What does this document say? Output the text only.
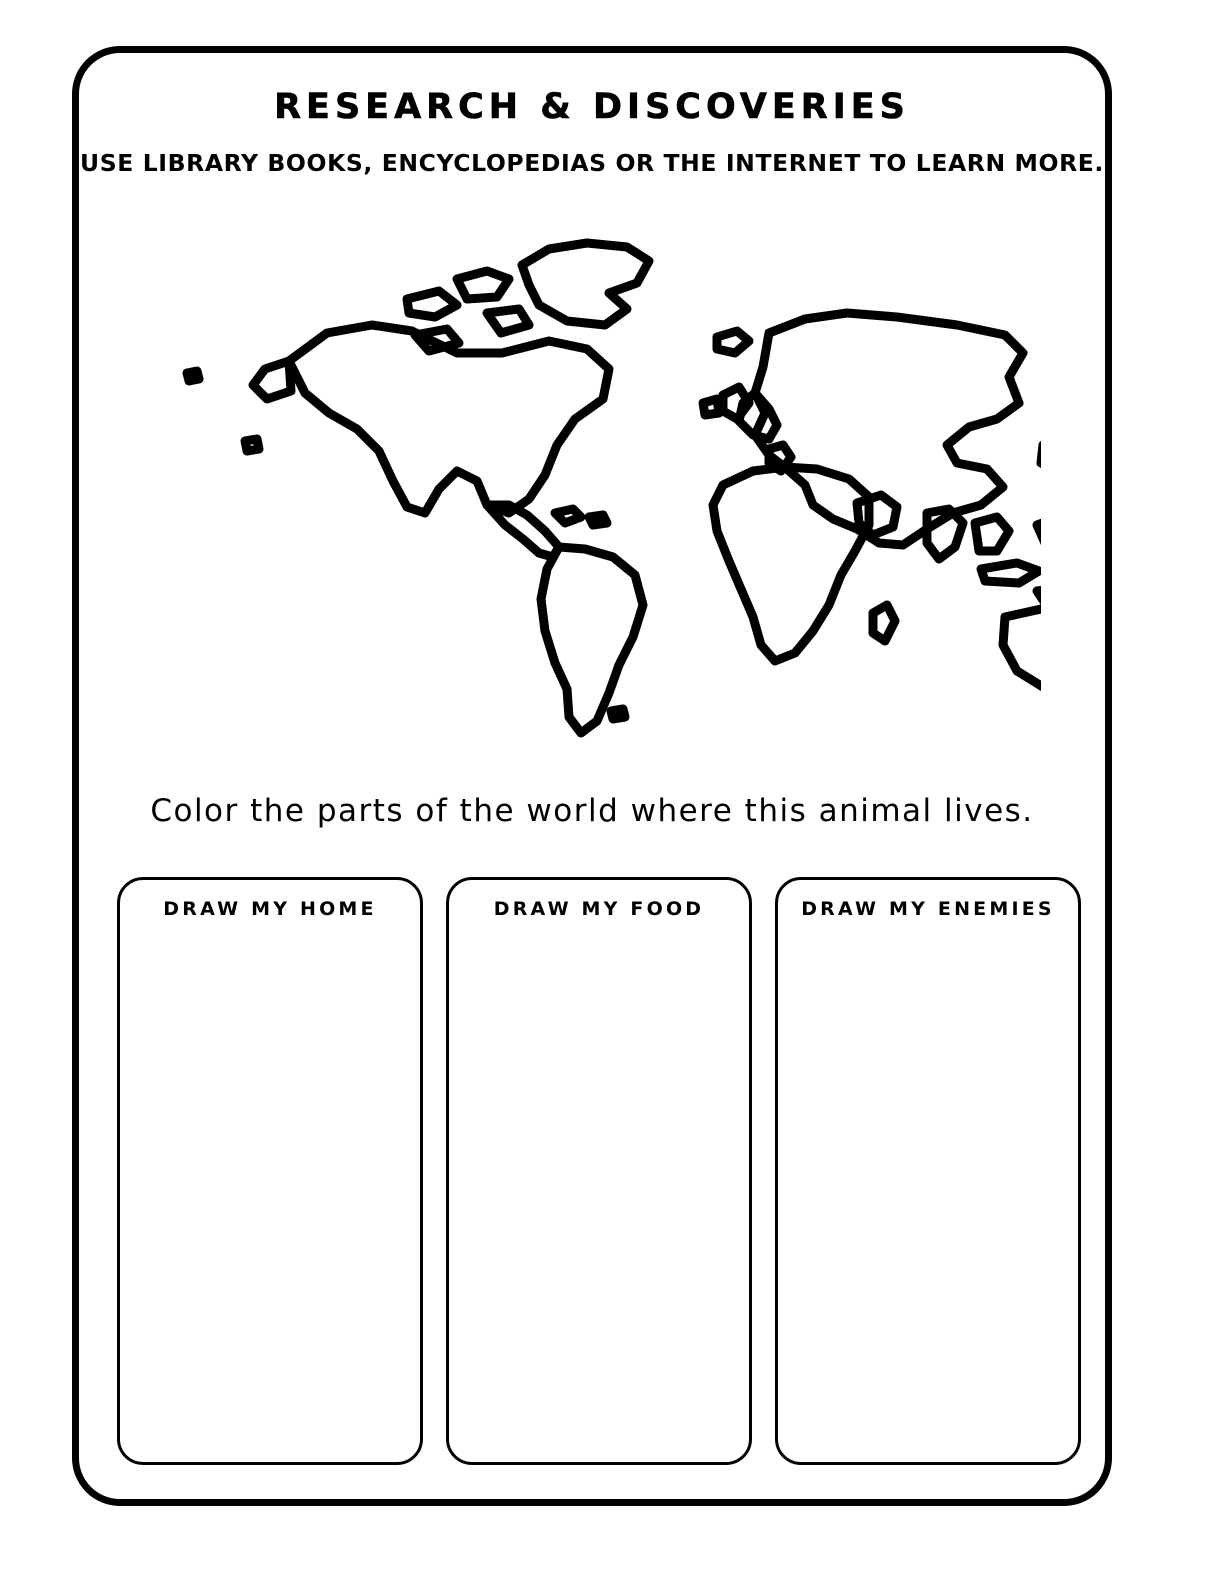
RESEARCH & DISCOVERIES
USE LIBRARY BOOKS, ENCYCLOPEDIAS OR THE INTERNET TO LEARN MORE.
Color the parts of the world where this animal lives.
DRAW MY HOME	DRAW MY FOOD	DRAW MY ENEMIES
